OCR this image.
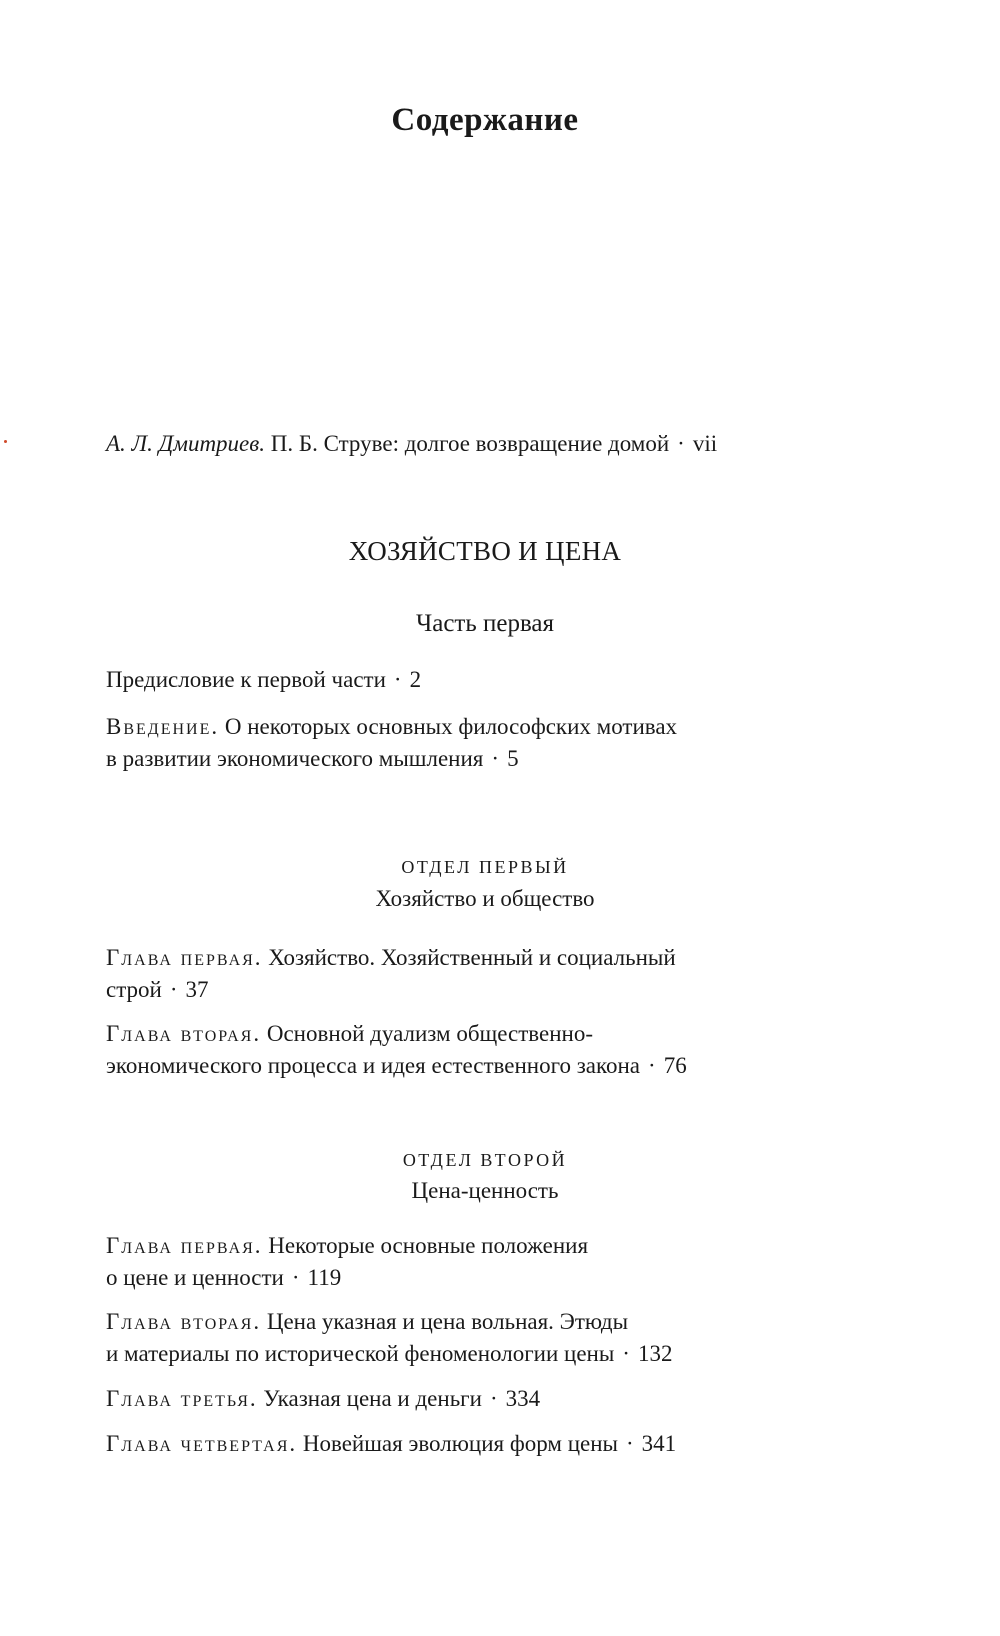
Содержание
А. Л. Дмитриев. П. Б. Струве: долгое возвращение домой · vii
ХОЗЯЙСТВО И ЦЕНА
Часть первая
Предисловие к первой части · 2
Введение. О некоторых основных философских мотивах
в развитии экономического мышления · 5
ОТДЕЛ ПЕРВЫЙ
Хозяйство и общество
Глава первая. Хозяйство. Хозяйственный и социальный
строй · 37
Глава вторая. Основной дуализм общественно-
экономического процесса и идея естественного закона · 76
ОТДЕЛ ВТОРОЙ
Цена-ценность
Глава первая. Некоторые основные положения
о цене и ценности · 119
Глава вторая. Цена указная и цена вольная. Этюды
и материалы по исторической феноменологии цены · 132
Глава третья. Указная цена и деньги · 334
Глава четвертая. Новейшая эволюция форм цены · 341
